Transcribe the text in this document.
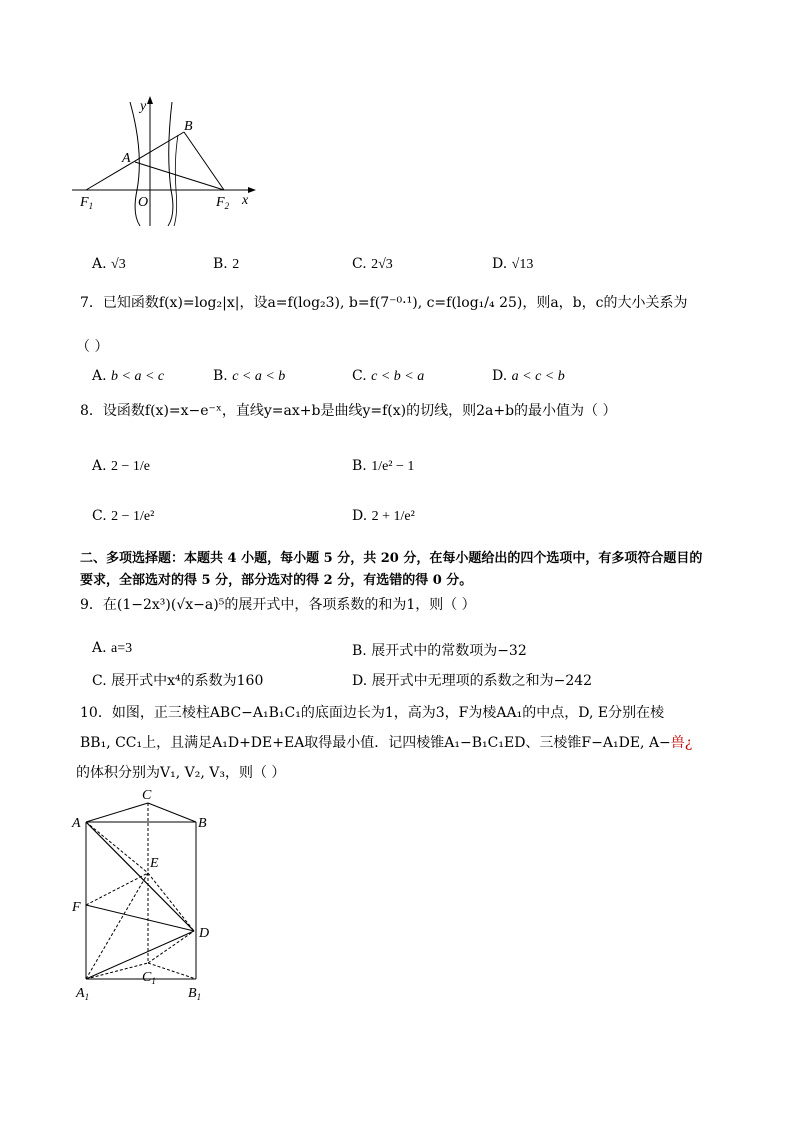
y
x
A
B
O
$F_1$	$F_2$
A. √3	B. 2	C. 2√3	D. √13
7．已知函数f(x)=log₂|x|，设a=f(log₂3), b=f(7⁻⁰·¹), c=f(log₁/₄ 25)，则a，b，c的大小关系为
（ ）
A. b < a < c	B. c < a < b	C. c < b < a	D. a < c < b
8．设函数f(x)=x−e⁻ˣ，直线y=ax+b是曲线y=f(x)的切线，则2a+b的最小值为（ ）
A. 2 − 1/e	B. 1/e² − 1
C. 2 − 1/e²	D. 2 + 1/e²
二、多项选择题：本题共 4 小题，每小题 5 分，共 20 分，在每小题给出的四个选项中，有多项符合题目的
要求，全部选对的得 5 分，部分选对的得 2 分，有选错的得 0 分。
9．在(1−2x³)(√x−a)⁵的展开式中，各项系数的和为1，则（ ）
A. a=3	B. 展开式中的常数项为−32
C. 展开式中x⁴的系数为160	D. 展开式中无理项的系数之和为−242
10．如图，正三棱柱ABC−A₁B₁C₁的底面边长为1，高为3，F为棱AA₁的中点，D, E分别在棱
BB₁, CC₁上，且满足A₁D+DE+EA取得最小值．记四棱锥A₁−B₁C₁ED、三棱锥F−A₁DE, A−兽¿
的体积分别为V₁, V₂, V₃，则（ ）
A	B
C
E
F
D
$C_1$
$A_1$	$B_1$
